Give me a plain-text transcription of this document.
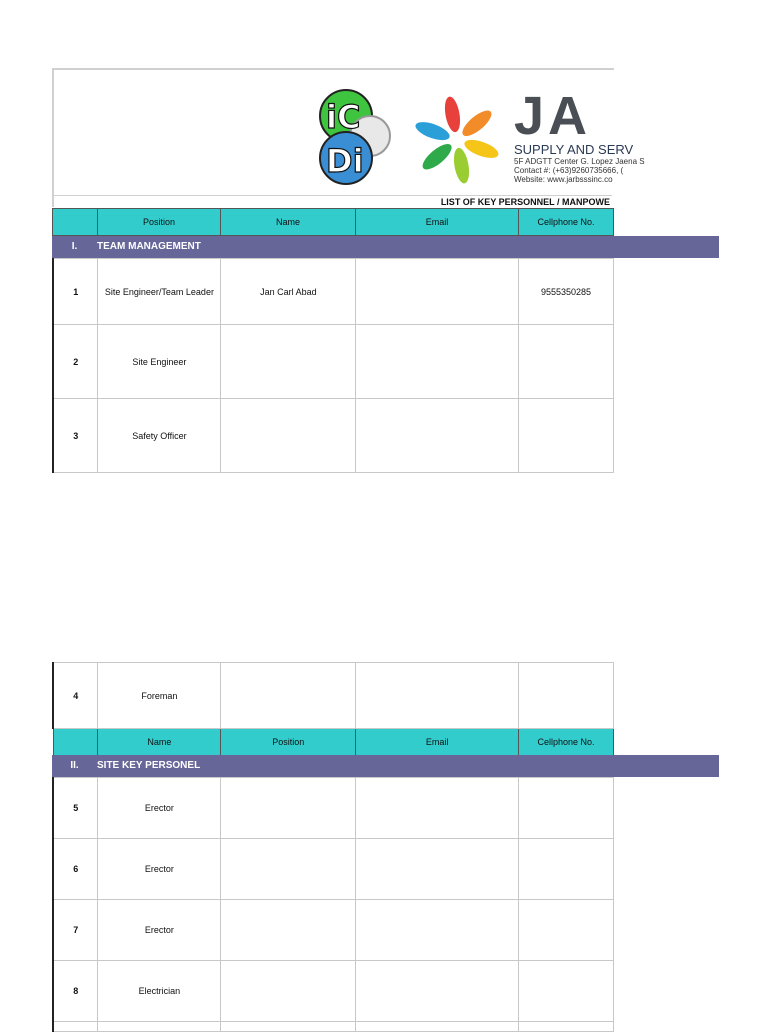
iC
Di
JA
SUPPLY AND SERV
5F ADGTT Center G. Lopez Jaena S
Contact #: (+63)9260735666, (
Website: www.jarbsssinc.co
LIST OF KEY PERSONNEL / MANPOWE
	Position	Name	Email	Cellphone No.
I. TEAM MANAGEMENT
1	Site Engineer/Team Leader	Jan Carl Abad		9555350285
2	Site Engineer			
3	Safety Officer			
4	Foreman			
	Name	Position	Email	Cellphone No.
II. SITE KEY PERSONEL
5	Erector			
6	Erector			
7	Erector			
8	Electrician			
